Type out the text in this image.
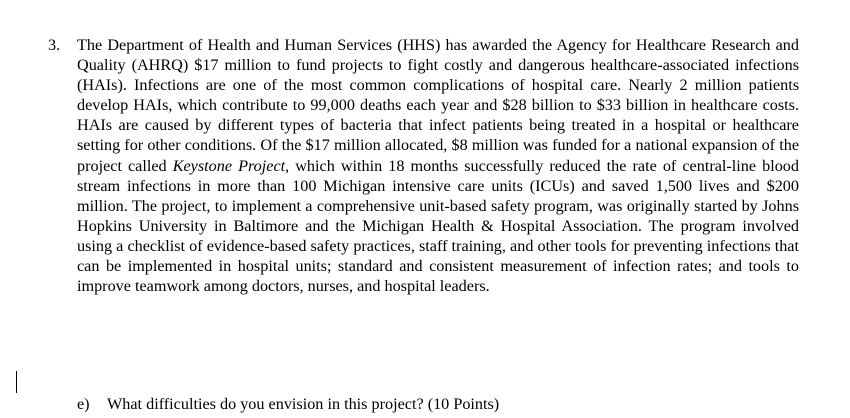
3. The Department of Health and Human Services (HHS) has awarded the Agency for Healthcare Research and Quality (AHRQ) $17 million to fund projects to fight costly and dangerous healthcare-associated infections (HAIs). Infections are one of the most common complications of hospital care. Nearly 2 million patients develop HAIs, which contribute to 99,000 deaths each year and $28 billion to $33 billion in healthcare costs. HAIs are caused by different types of bacteria that infect patients being treated in a hospital or healthcare setting for other conditions. Of the $17 million allocated, $8 million was funded for a national expansion of the project called Keystone Project, which within 18 months successfully reduced the rate of central-line blood stream infections in more than 100 Michigan intensive care units (ICUs) and saved 1,500 lives and $200 million. The project, to implement a comprehensive unit-based safety program, was originally started by Johns Hopkins University in Baltimore and the Michigan Health & Hospital Association. The program involved using a checklist of evidence-based safety practices, staff training, and other tools for preventing infections that can be implemented in hospital units; standard and consistent measurement of infection rates; and tools to improve teamwork among doctors, nurses, and hospital leaders.

e) What difficulties do you envision in this project? (10 Points)
